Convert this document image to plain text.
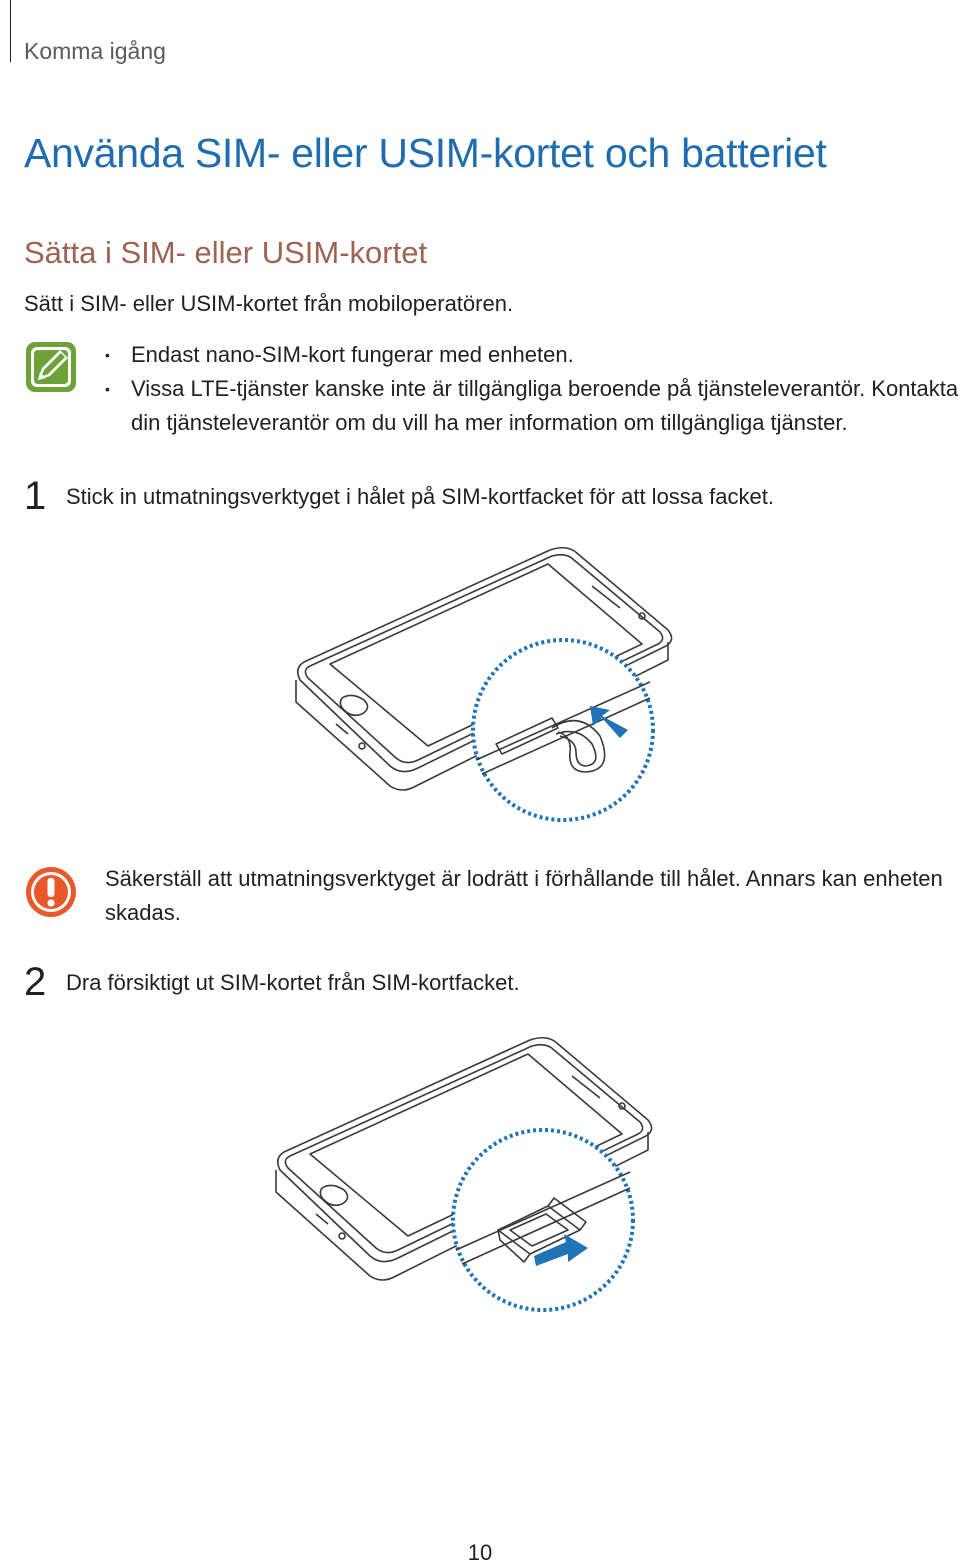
Komma igång
Använda SIM- eller USIM-kortet och batteriet
Sätta i SIM- eller USIM-kortet
Sätt i SIM- eller USIM-kortet från mobiloperatören.
• Endast nano-SIM-kort fungerar med enheten.
• Vissa LTE-tjänster kanske inte är tillgängliga beroende på tjänsteleverantör. Kontakta din tjänsteleverantör om du vill ha mer information om tillgängliga tjänster.
1 Stick in utmatningsverktyget i hålet på SIM-kortfacket för att lossa facket.
Säkerställ att utmatningsverktyget är lodrätt i förhållande till hålet. Annars kan enheten skadas.
2 Dra försiktigt ut SIM-kortet från SIM-kortfacket.
10
